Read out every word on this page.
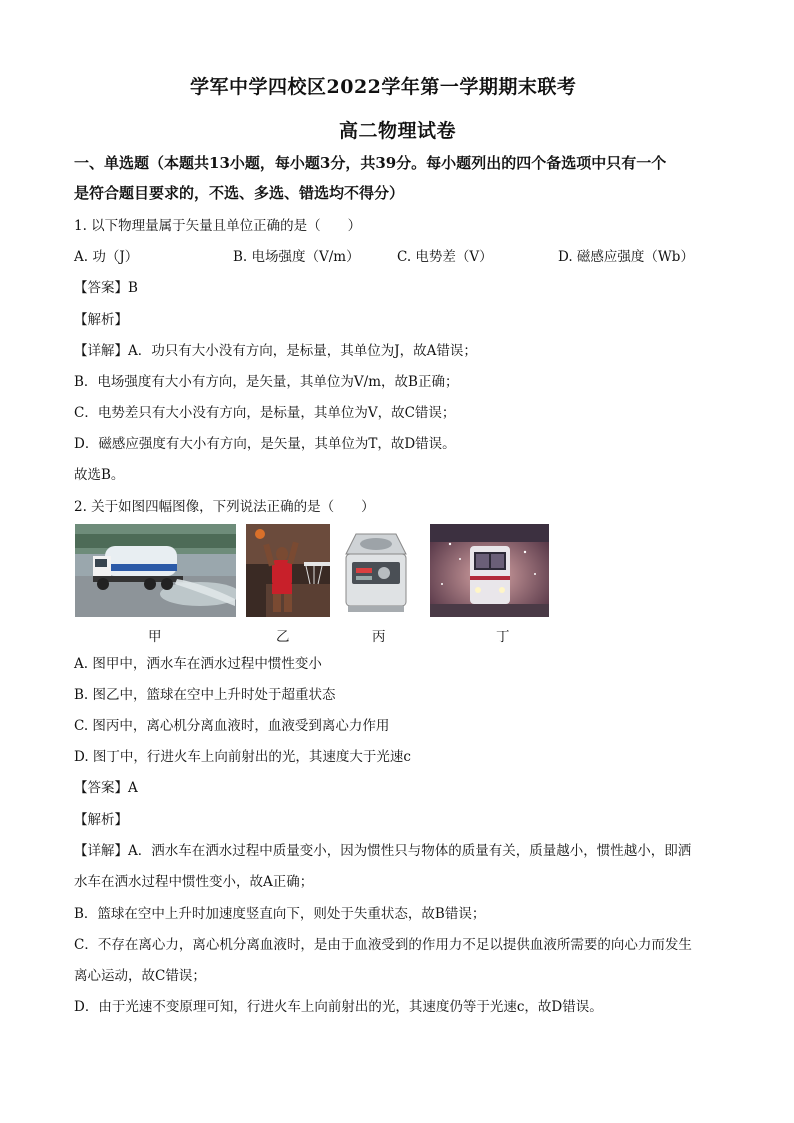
学军中学四校区2022学年第一学期期末联考
高二物理试卷
一、单选题（本题共13小题，每小题3分，共39分。每小题列出的四个备选项中只有一个
是符合题目要求的，不选、多选、错选均不得分）
1. 以下物理量属于矢量且单位正确的是（　　）
A. 功（J）	B. 电场强度（V/m）	C. 电势差（V）	D. 磁感应强度（Wb）
【答案】B
【解析】
【详解】A．功只有大小没有方向，是标量，其单位为J，故A错误；
B．电场强度有大小有方向，是矢量，其单位为V/m，故B正确；
C．电势差只有大小没有方向，是标量，其单位为V，故C错误；
D．磁感应强度有大小有方向，是矢量，其单位为T，故D错误。
故选B。
2. 关于如图四幅图像，下列说法正确的是（　　）
甲	乙	丙	丁
A. 图甲中，洒水车在洒水过程中惯性变小
B. 图乙中，篮球在空中上升时处于超重状态
C. 图丙中，离心机分离血液时，血液受到离心力作用
D. 图丁中，行进火车上向前射出的光，其速度大于光速c
【答案】A
【解析】
【详解】A．洒水车在洒水过程中质量变小，因为惯性只与物体的质量有关，质量越小，惯性越小，即洒
水车在洒水过程中惯性变小，故A正确；
B．篮球在空中上升时加速度竖直向下，则处于失重状态，故B错误；
C．不存在离心力，离心机分离血液时，是由于血液受到的作用力不足以提供血液所需要的向心力而发生
离心运动，故C错误；
D．由于光速不变原理可知，行进火车上向前射出的光，其速度仍等于光速c，故D错误。
